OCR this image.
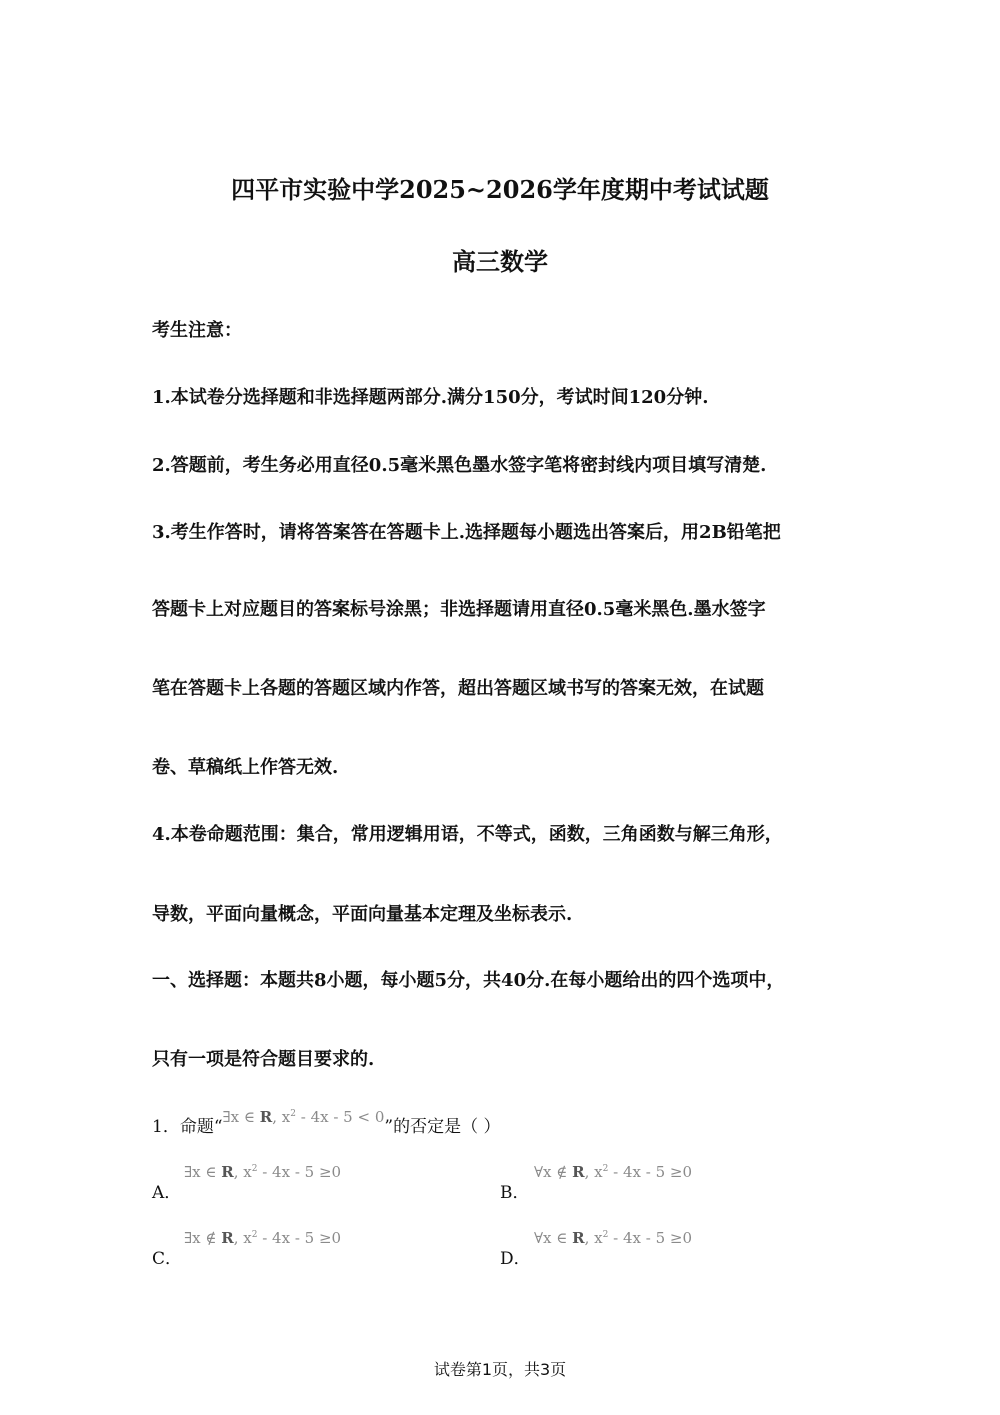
四平市实验中学2025~2026学年度期中考试试题
高三数学
考生注意：
1.本试卷分选择题和非选择题两部分.满分150分，考试时间120分钟.
2.答题前，考生务必用直径0.5毫米黑色墨水签字笔将密封线内项目填写清楚.
3.考生作答时，请将答案答在答题卡上.选择题每小题选出答案后，用2B铅笔把
答题卡上对应题目的答案标号涂黑；非选择题请用直径0.5毫米黑色.墨水签字
笔在答题卡上各题的答题区域内作答，超出答题区域书写的答案无效，在试题
卷、草稿纸上作答无效.
4.本卷命题范围：集合，常用逻辑用语，不等式，函数，三角函数与解三角形，
导数，平面向量概念，平面向量基本定理及坐标表示.
一、选择题：本题共8小题，每小题5分，共40分.在每小题给出的四个选项中，
只有一项是符合题目要求的.
1．命题“∃x ∈ R, $x^2 - 4x - 5 < 0$”的否定是（ ）
A．
∃x ∈ R, $x^2 - 4x - 5 \ge 0$
B．
∀x ∉ R, $x^2 - 4x - 5 \ge 0$
C．
∃x ∉ R, $x^2 - 4x - 5 \ge 0$
D．
∀x ∈ R, $x^2 - 4x - 5 \ge 0$
试卷第1页，共3页
